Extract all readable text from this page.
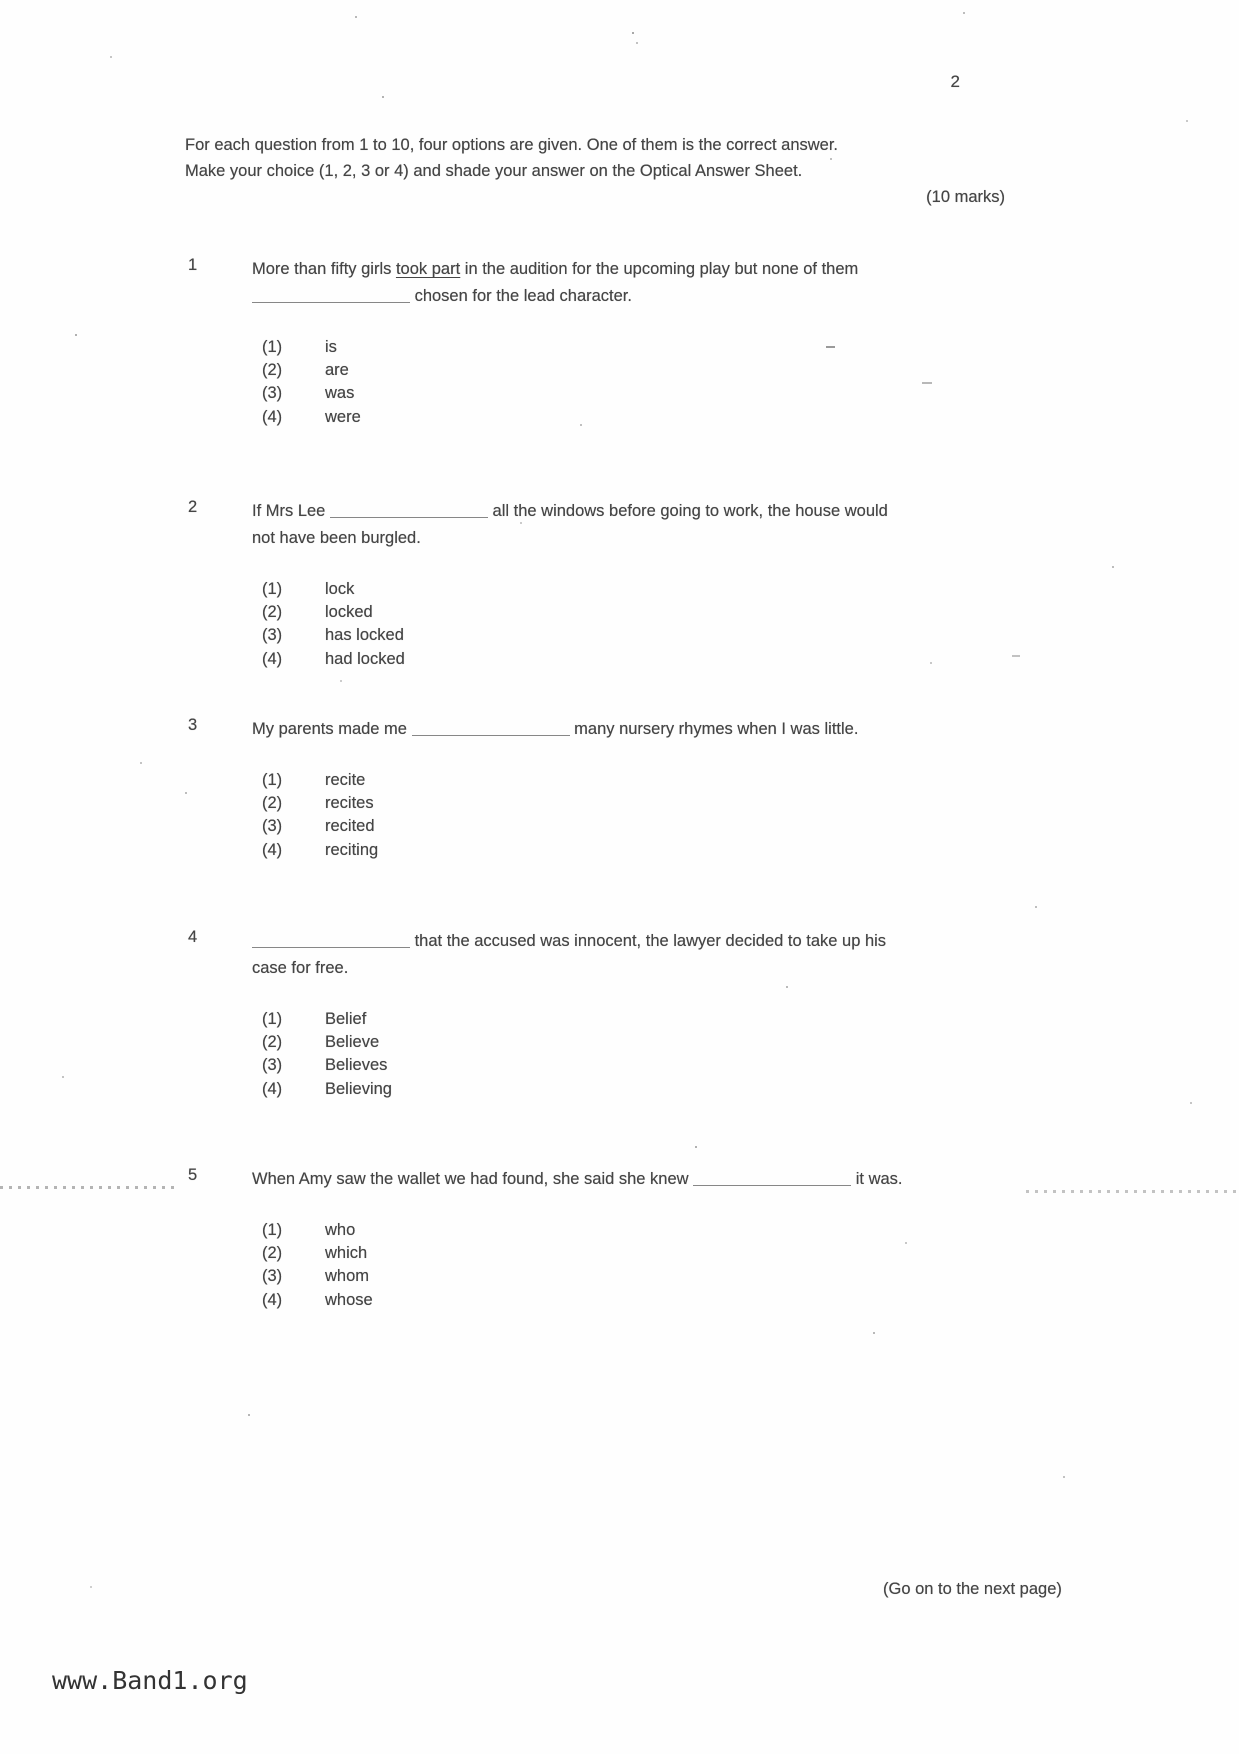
2
For each question from 1 to 10, four options are given. One of them is the correct answer.
Make your choice (1, 2, 3 or 4) and shade your answer on the Optical Answer Sheet.
(10 marks)
1	More than fifty girls took part in the audition for the upcoming play but none of them
chosen for the lead character.
(1)	is
(2)	are
(3)	was
(4)	were
2	If Mrs Lee	all the windows before going to work, the house would
not have been burgled.
(1)	lock
(2)	locked
(3)	has locked
(4)	had locked
3	My parents made me	many nursery rhymes when I was little.
(1)	recite
(2)	recites
(3)	recited
(4)	reciting
4	that the accused was innocent, the lawyer decided to take up his
case for free.
(1)	Belief
(2)	Believe
(3)	Believes
(4)	Believing
5	When Amy saw the wallet we had found, she said she knew	it was.
(1)	who
(2)	which
(3)	whom
(4)	whose
(Go on to the next page)
www.Band1.org
